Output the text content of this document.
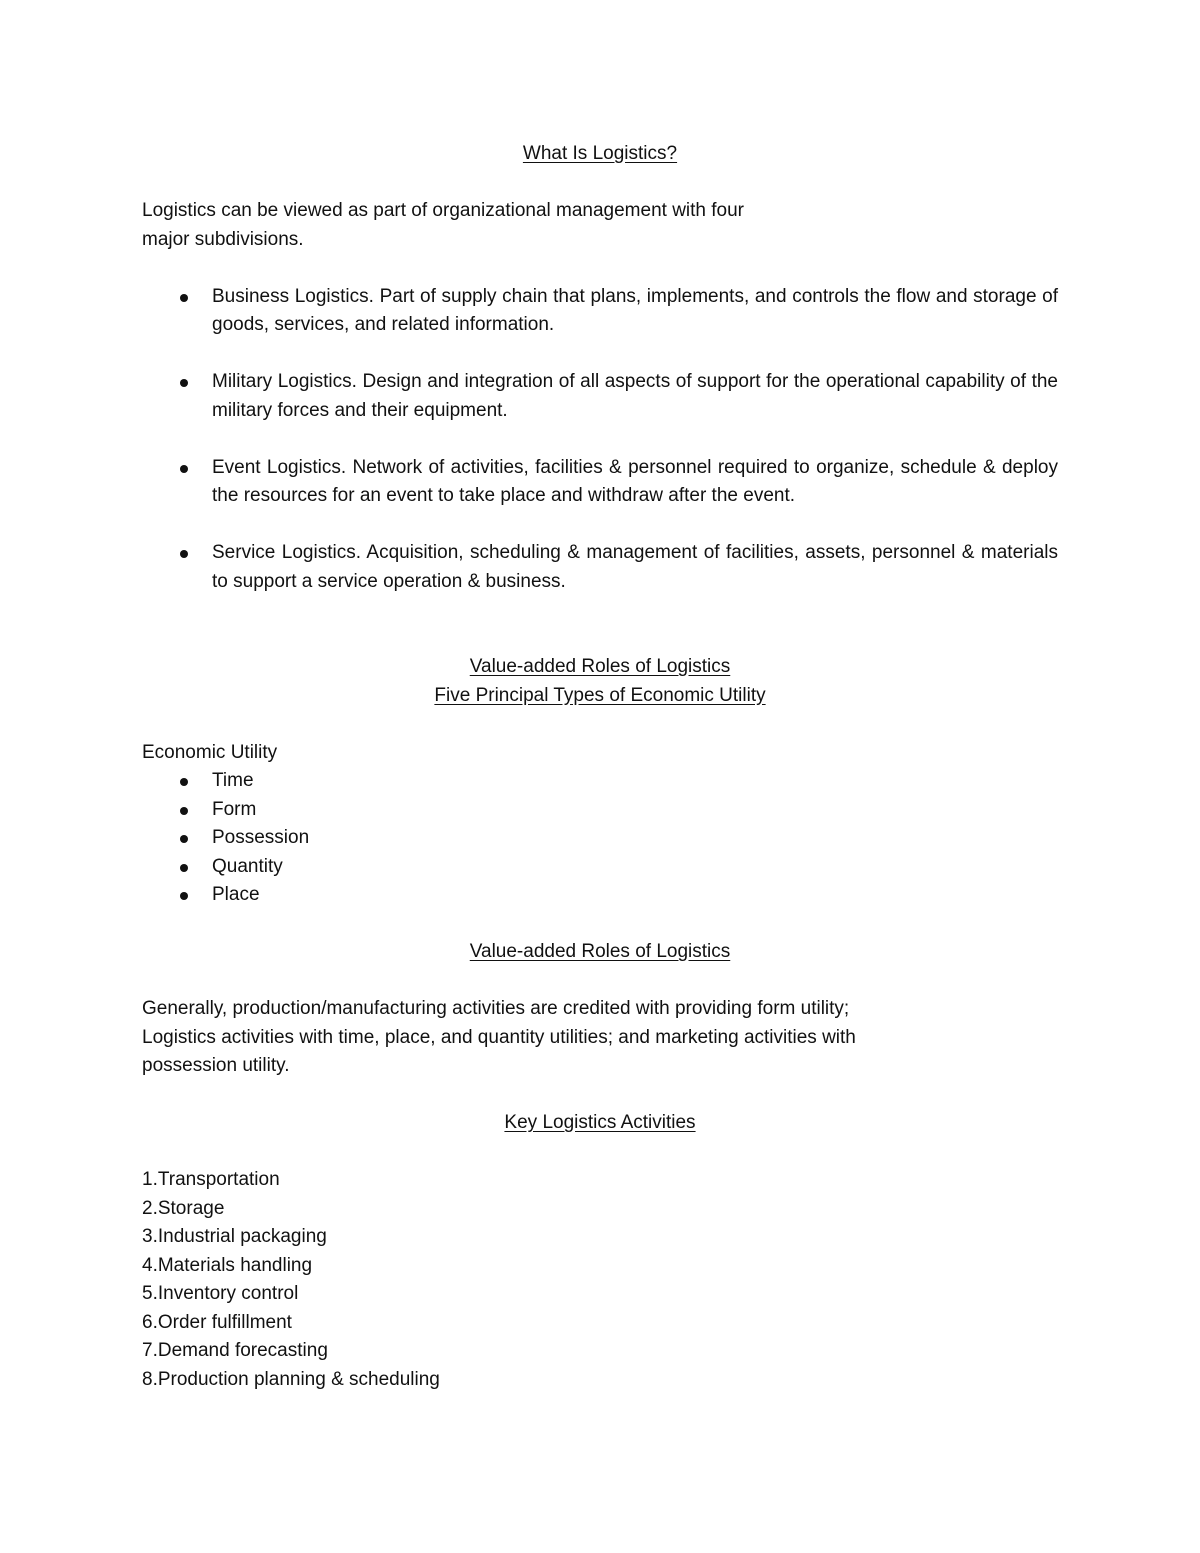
What Is Logistics?

Logistics can be viewed as part of organizational management with four

major subdivisions.

Business Logistics. Part of supply chain that plans, implements, and controls the flow and storage of goods, services, and related information.
Military Logistics. Design and integration of all aspects of support for the operational capability of the military forces and their equipment.
Event Logistics. Network of activities, facilities & personnel required to organize, schedule & deploy the resources for an event to take place and withdraw after the event.
Service Logistics. Acquisition, scheduling & management of facilities, assets, personnel & materials to support a service operation & business.

Value-added Roles of Logistics

Five Principal Types of Economic Utility

Economic Utility

Time
Form
Possession
Quantity
Place

Value-added Roles of Logistics

Generally, production/manufacturing activities are credited with providing form utility;

Logistics activities with time, place, and quantity utilities; and marketing activities with

possession utility.

Key Logistics Activities

1.Transportation
2.Storage
3.Industrial packaging
4.Materials handling
5.Inventory control
6.Order fulfillment
7.Demand forecasting
8.Production planning & scheduling
